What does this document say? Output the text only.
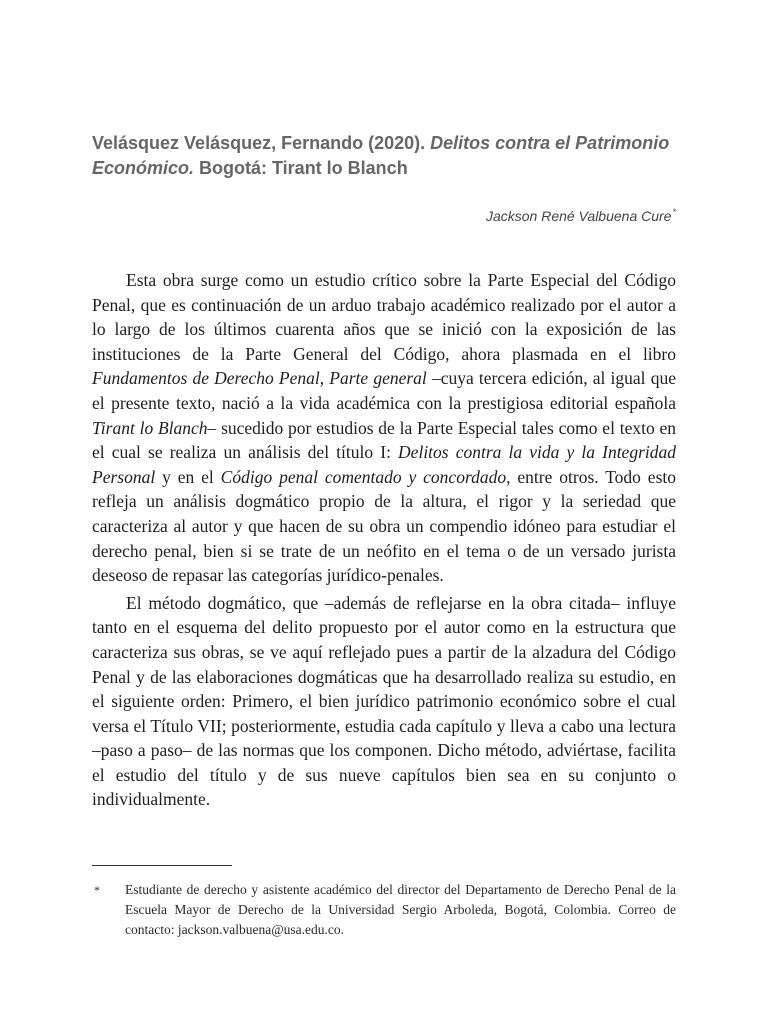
Velásquez Velásquez, Fernando (2020). Delitos contra el Patrimonio Económico. Bogotá: Tirant lo Blanch
Jackson René Valbuena Cure*

Esta obra surge como un estudio crítico sobre la Parte Especial del Código Penal, que es continuación de un arduo trabajo académico realizado por el autor a lo largo de los últimos cuarenta años que se inició con la exposición de las instituciones de la Parte General del Código, ahora plasmada en el libro Fundamentos de Derecho Penal, Parte general –cuya tercera edición, al igual que el presente texto, nació a la vida académica con la prestigiosa editorial española Tirant lo Blanch– sucedido por estudios de la Parte Especial tales como el texto en el cual se realiza un análisis del título I: Delitos contra la vida y la Integridad Personal y en el Código penal comentado y concordado, entre otros. Todo esto refleja un análisis dogmático propio de la altura, el rigor y la seriedad que caracteriza al autor y que hacen de su obra un compendio idóneo para estudiar el derecho penal, bien si se trate de un neófito en el tema o de un versado jurista deseoso de repasar las categorías jurídico-penales.

El método dogmático, que –además de reflejarse en la obra citada– influye tanto en el esquema del delito propuesto por el autor como en la estructura que caracteriza sus obras, se ve aquí reflejado pues a partir de la alzadura del Código Penal y de las elaboraciones dogmáticas que ha desarrollado realiza su estudio, en el siguiente orden: Primero, el bien jurídico patrimonio económico sobre el cual versa el Título VII; posteriormente, estudia cada capítulo y lleva a cabo una lectura –paso a paso– de las normas que los componen. Dicho método, adviértase, facilita el estudio del título y de sus nueve capítulos bien sea en su conjunto o individualmente.

* Estudiante de derecho y asistente académico del director del Departamento de Derecho Penal de la Escuela Mayor de Derecho de la Universidad Sergio Arboleda, Bogotá, Colombia. Correo de contacto: jackson.valbuena@usa.edu.co.
